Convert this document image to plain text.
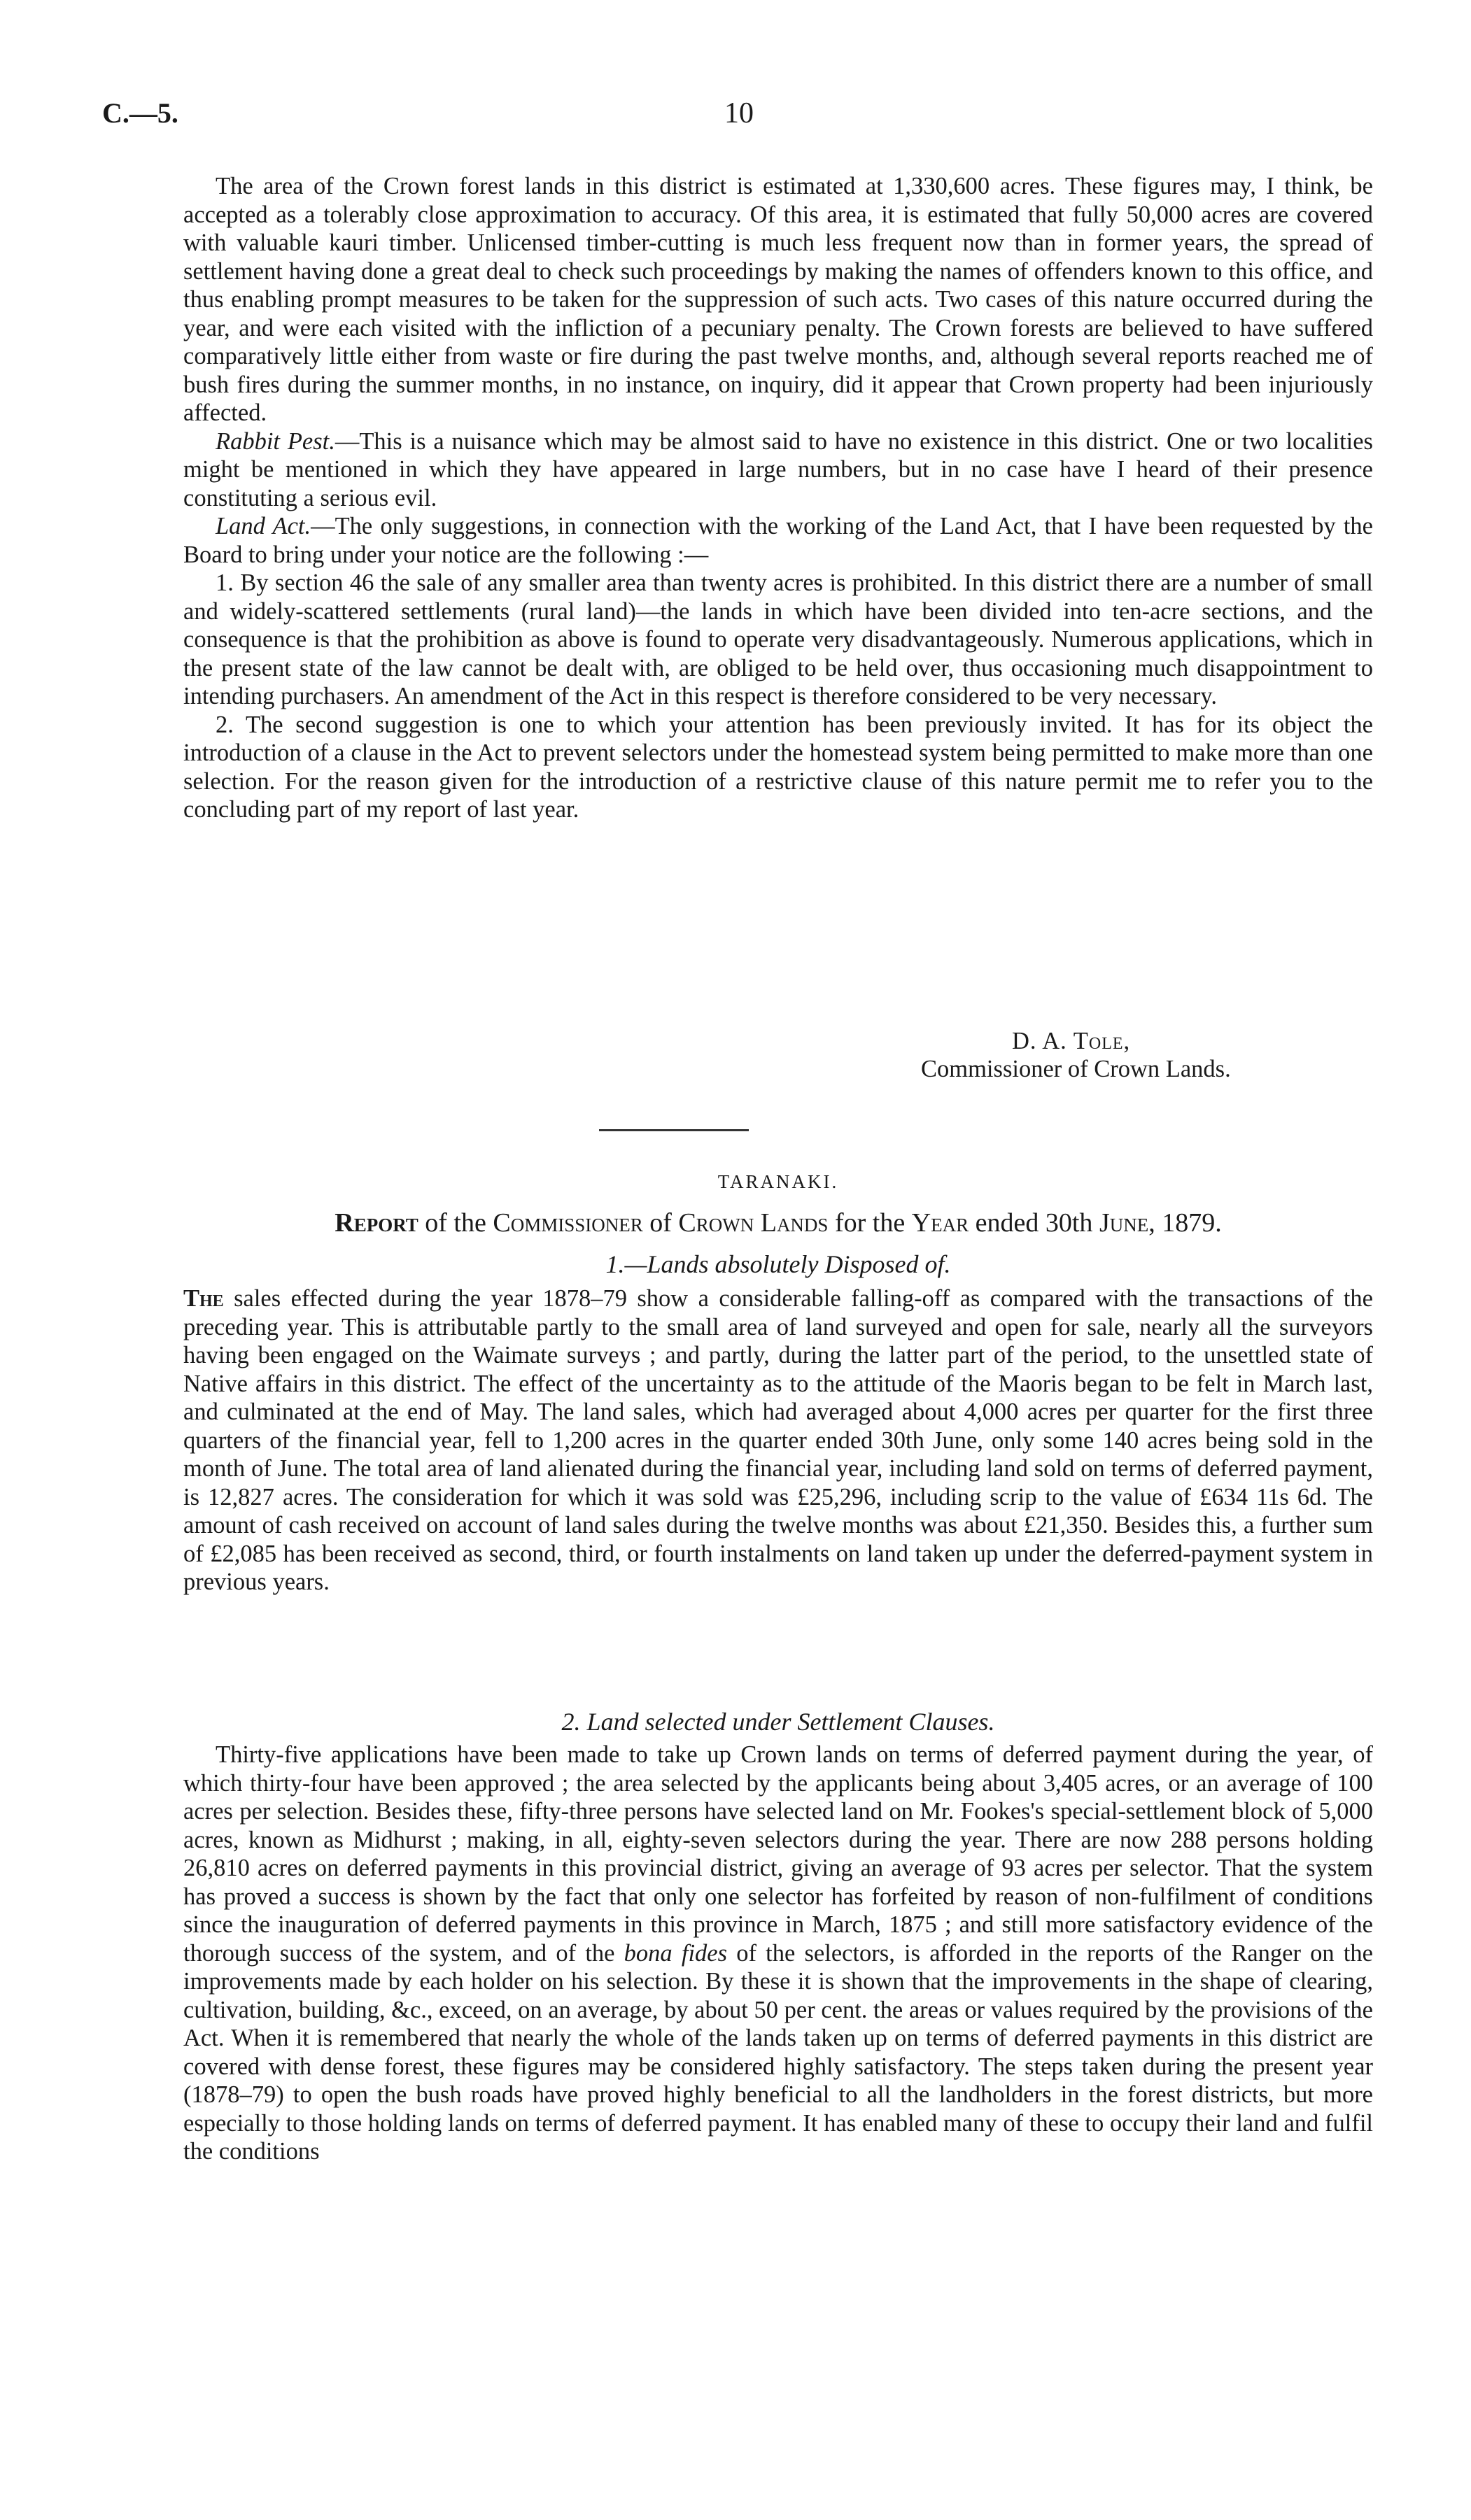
C.—5.	10

The area of the Crown forest lands in this district is estimated at 1,330,600 acres. These figures may, I think, be accepted as a tolerably close approximation to accuracy. Of this area, it is estimated that fully 50,000 acres are covered with valuable kauri timber. Unlicensed timber-cutting is much less frequent now than in former years, the spread of settlement having done a great deal to check such proceedings by making the names of offenders known to this office, and thus enabling prompt measures to be taken for the suppression of such acts. Two cases of this nature occurred during the year, and were each visited with the infliction of a pecuniary penalty. The Crown forests are believed to have suffered comparatively little either from waste or fire during the past twelve months, and, although several reports reached me of bush fires during the summer months, in no instance, on inquiry, did it appear that Crown property had been injuriously affected.

Rabbit Pest.—This is a nuisance which may be almost said to have no existence in this district. One or two localities might be mentioned in which they have appeared in large numbers, but in no case have I heard of their presence constituting a serious evil.

Land Act.—The only suggestions, in connection with the working of the Land Act, that I have been requested by the Board to bring under your notice are the following :—

1. By section 46 the sale of any smaller area than twenty acres is prohibited. In this district there are a number of small and widely-scattered settlements (rural land)—the lands in which have been divided into ten-acre sections, and the consequence is that the prohibition as above is found to operate very disadvantageously. Numerous applications, which in the present state of the law cannot be dealt with, are obliged to be held over, thus occasioning much disappointment to intending purchasers. An amendment of the Act in this respect is therefore considered to be very necessary.

2. The second suggestion is one to which your attention has been previously invited. It has for its object the introduction of a clause in the Act to prevent selectors under the homestead system being permitted to make more than one selection. For the reason given for the introduction of a restrictive clause of this nature permit me to refer you to the concluding part of my report of last year.

D. A. Tole,
Commissioner of Crown Lands.
TARANAKI.
Report of the Commissioner of Crown Lands for the Year ended 30th June, 1879.
1.—Lands absolutely Disposed of.

The sales effected during the year 1878–79 show a considerable falling-off as compared with the transactions of the preceding year. This is attributable partly to the small area of land surveyed and open for sale, nearly all the surveyors having been engaged on the Waimate surveys ; and partly, during the latter part of the period, to the unsettled state of Native affairs in this district. The effect of the uncertainty as to the attitude of the Maoris began to be felt in March last, and culminated at the end of May. The land sales, which had averaged about 4,000 acres per quarter for the first three quarters of the financial year, fell to 1,200 acres in the quarter ended 30th June, only some 140 acres being sold in the month of June. The total area of land alienated during the financial year, including land sold on terms of deferred payment, is 12,827 acres. The consideration for which it was sold was £25,296, including scrip to the value of £634 11s 6d. The amount of cash received on account of land sales during the twelve months was about £21,350. Besides this, a further sum of £2,085 has been received as second, third, or fourth instalments on land taken up under the deferred-payment system in previous years.

2. Land selected under Settlement Clauses.

Thirty-five applications have been made to take up Crown lands on terms of deferred payment during the year, of which thirty-four have been approved ; the area selected by the applicants being about 3,405 acres, or an average of 100 acres per selection. Besides these, fifty-three persons have selected land on Mr. Fookes's special-settlement block of 5,000 acres, known as Midhurst ; making, in all, eighty-seven selectors during the year. There are now 288 persons holding 26,810 acres on deferred payments in this provincial district, giving an average of 93 acres per selector. That the system has proved a success is shown by the fact that only one selector has forfeited by reason of non-fulfilment of conditions since the inauguration of deferred payments in this province in March, 1875 ; and still more satisfactory evidence of the thorough success of the system, and of the bona fides of the selectors, is afforded in the reports of the Ranger on the improvements made by each holder on his selection. By these it is shown that the improvements in the shape of clearing, cultivation, building, &c., exceed, on an average, by about 50 per cent. the areas or values required by the provisions of the Act. When it is remembered that nearly the whole of the lands taken up on terms of deferred payments in this district are covered with dense forest, these figures may be considered highly satisfactory. The steps taken during the present year (1878–79) to open the bush roads have proved highly beneficial to all the landholders in the forest districts, but more especially to those holding lands on terms of deferred payment. It has enabled many of these to occupy their land and fulfil the conditions
